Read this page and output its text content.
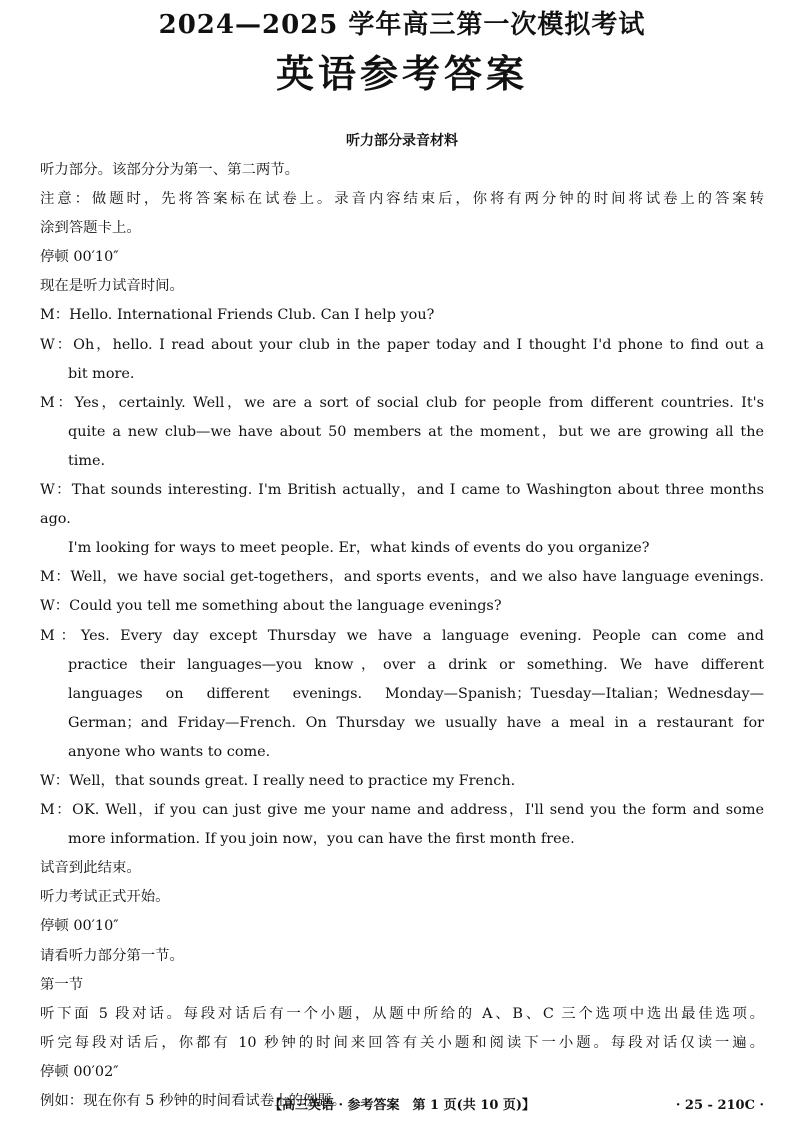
2024—2025 学年高三第一次模拟考试
英语参考答案
听力部分录音材料
听力部分。该部分分为第一、第二两节。
注意：做题时，先将答案标在试卷上。录音内容结束后，你将有两分钟的时间将试卷上的答案转
涂到答题卡上。
停顿 00′10″
现在是听力试音时间。
M：Hello. International Friends Club. Can I help you?
W：Oh，hello. I read about your club in the paper today and I thought I'd phone to find out a
bit more.
M：Yes，certainly. Well，we are a sort of social club for people from different countries. It's
quite a new club—we have about 50 members at the moment，but we are growing all the
time.
W：That sounds interesting. I'm British actually，and I came to Washington about three months ago.
I'm looking for ways to meet people. Er，what kinds of events do you organize?
M：Well，we have social get-togethers，and sports events，and we also have language evenings.
W：Could you tell me something about the language evenings?
M：Yes. Every day except Thursday we have a language evening. People can come and
practice their languages—you know，over a drink or something. We have different
languages on different evenings. Monday—Spanish；Tuesday—Italian；Wednesday—
German；and Friday—French. On Thursday we usually have a meal in a restaurant for
anyone who wants to come.
W：Well，that sounds great. I really need to practice my French.
M：OK. Well，if you can just give me your name and address，I'll send you the form and some
more information. If you join now，you can have the first month free.
试音到此结束。
听力考试正式开始。
停顿 00′10″
请看听力部分第一节。
第一节
听下面 5 段对话。每段对话后有一个小题，从题中所给的 A、B、C 三个选项中选出最佳选项。
听完每段对话后，你都有 10 秒钟的时间来回答有关小题和阅读下一小题。每段对话仅读一遍。
停顿 00′02″
例如：现在你有 5 秒钟的时间看试卷上的例题。
【高三英语 · 参考答案　第 1 页(共 10 页)】	· 25 - 210C ·
